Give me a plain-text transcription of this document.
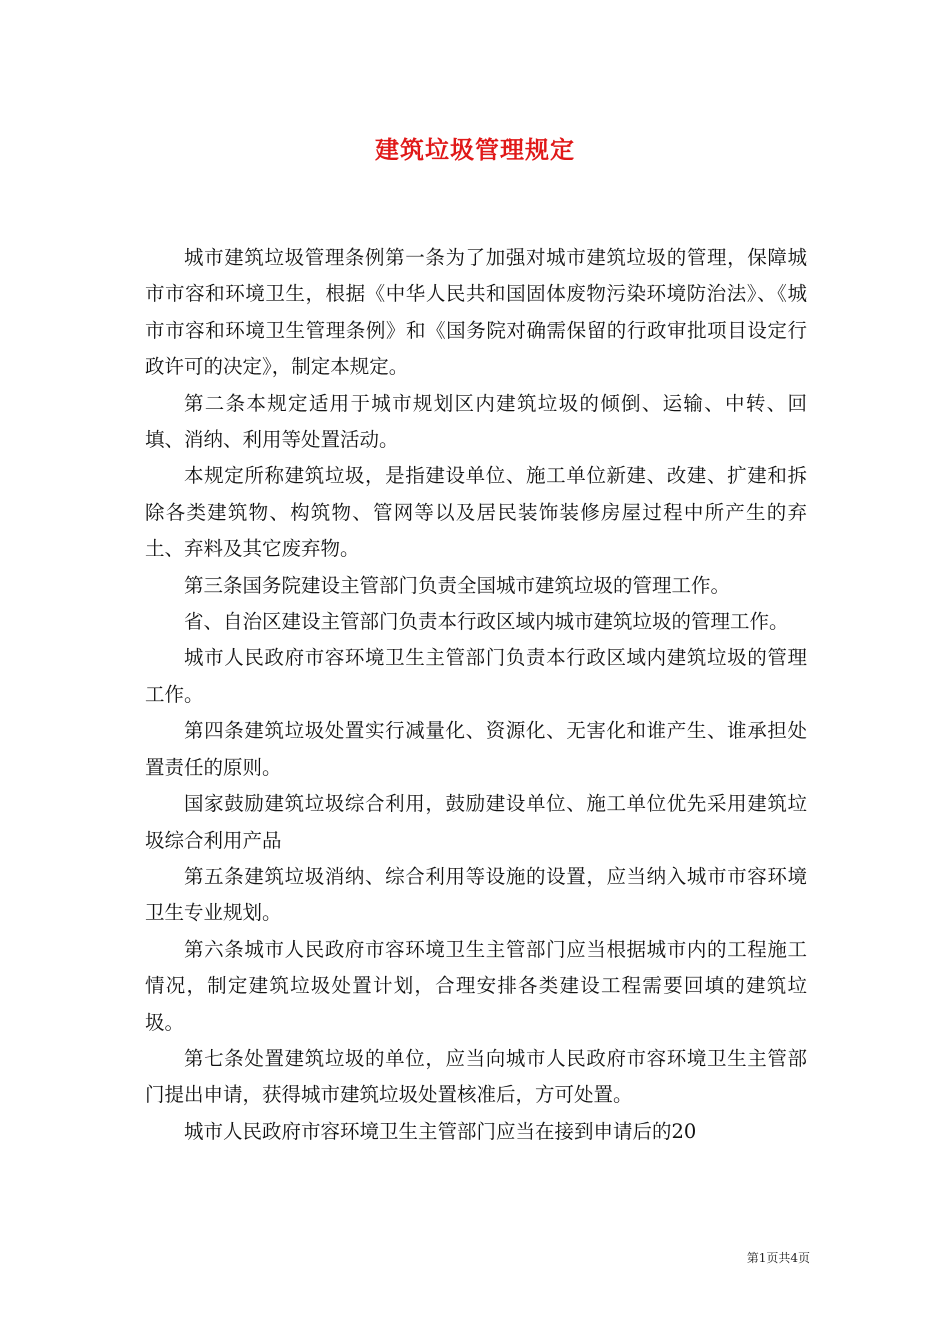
建筑垃圾管理规定

城市建筑垃圾管理条例第一条为了加强对城市建筑垃圾的管理，保障城市市容和环境卫生，根据《中华人民共和国固体废物污染环境防治法》、《城市市容和环境卫生管理条例》和《国务院对确需保留的行政审批项目设定行政许可的决定》，制定本规定。

第二条本规定适用于城市规划区内建筑垃圾的倾倒、运输、中转、回填、消纳、利用等处置活动。

本规定所称建筑垃圾，是指建设单位、施工单位新建、改建、扩建和拆除各类建筑物、构筑物、管网等以及居民装饰装修房屋过程中所产生的弃土、弃料及其它废弃物。

第三条国务院建设主管部门负责全国城市建筑垃圾的管理工作。

省、自治区建设主管部门负责本行政区域内城市建筑垃圾的管理工作。

城市人民政府市容环境卫生主管部门负责本行政区域内建筑垃圾的管理工作。

第四条建筑垃圾处置实行减量化、资源化、无害化和谁产生、谁承担处置责任的原则。

国家鼓励建筑垃圾综合利用，鼓励建设单位、施工单位优先采用建筑垃圾综合利用产品

第五条建筑垃圾消纳、综合利用等设施的设置，应当纳入城市市容环境卫生专业规划。

第六条城市人民政府市容环境卫生主管部门应当根据城市内的工程施工情况，制定建筑垃圾处置计划，合理安排各类建设工程需要回填的建筑垃圾。

第七条处置建筑垃圾的单位，应当向城市人民政府市容环境卫生主管部门提出申请，获得城市建筑垃圾处置核准后，方可处置。

城市人民政府市容环境卫生主管部门应当在接到申请后的20

第1页共4页
